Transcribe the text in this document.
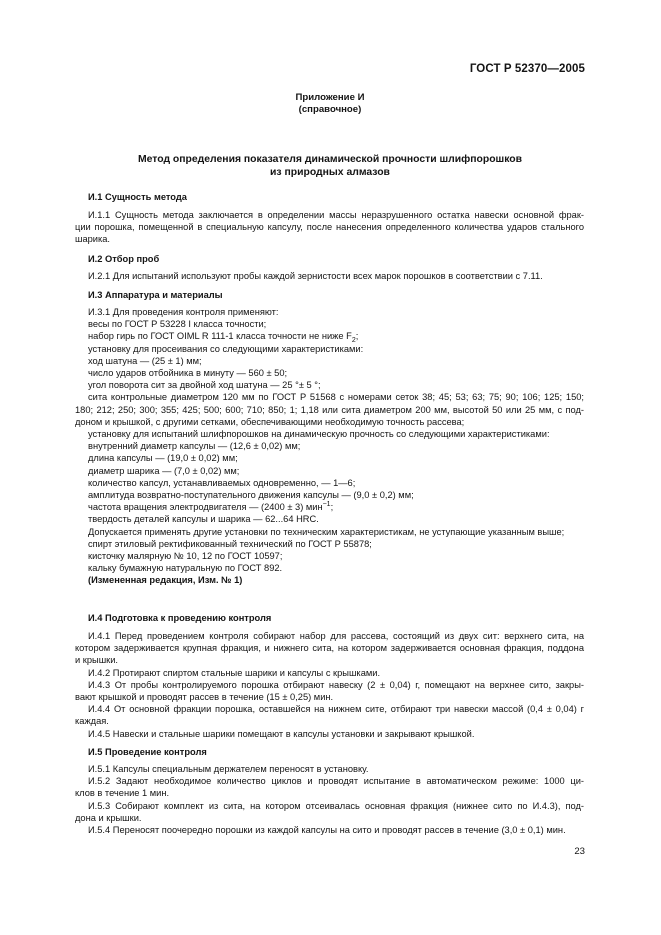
ГОСТ Р 52370—2005
Приложение И
(справочное)
Метод определения показателя динамической прочности шлифпорошков
из природных алмазов

И.1 Сущность метода

И.1.1 Сущность метода заключается в определении массы неразрушенного остатка навески основной фрак-

ции порошка, помещенной в специальную капсулу, после нанесения определенного количества ударов стального

шарика.

И.2 Отбор проб

И.2.1 Для испытаний используют пробы каждой зернистости всех марок порошков в соответствии с 7.11.

И.3 Аппаратура и материалы

И.3.1 Для проведения контроля применяют:

весы по ГОСТ Р 53228 I класса точности;

набор гирь по ГОСТ OIML R 111-1 класса точности не ниже $F_2$;

установку для просеивания со следующими характеристиками:

ход шатуна — (25 ± 1) мм;

число ударов отбойника в минуту — 560 ± 50;

угол поворота сит за двойной ход шатуна — 25 °± 5 °;

сита контрольные диаметром 120 мм по ГОСТ Р 51568 с номерами сеток 38; 45; 53; 63; 75; 90; 106; 125; 150;

180; 212; 250; 300; 355; 425; 500; 600; 710; 850; 1; 1,18 или сита диаметром 200 мм, высотой 50 или 25 мм, с под-

доном и крышкой, с другими сетками, обеспечивающими необходимую точность рассева;

установку для испытаний шлифпорошков на динамическую прочность со следующими характеристиками:

внутренний диаметр капсулы — (12,6 ± 0,02) мм;

длина капсулы — (19,0 ± 0,02) мм;

диаметр шарика — (7,0 ± 0,02) мм;

количество капсул, устанавливаемых одновременно, — 1—6;

амплитуда возвратно-поступательного движения капсулы — (9,0 ± 0,2) мм;

частота вращения электродвигателя — (2400 ± 3) мин$^{-1}$;

твердость деталей капсулы и шарика — 62...64 HRC.

Допускается применять другие установки по техническим характеристикам, не уступающие указанным выше;

спирт этиловый ректификованный технический по ГОСТ Р 55878;

кисточку малярную № 10, 12 по ГОСТ 10597;

кальку бумажную натуральную по ГОСТ 892.

(Измененная редакция, Изм. № 1)

И.4 Подготовка к проведению контроля

И.4.1 Перед проведением контроля собирают набор для рассева, состоящий из двух сит: верхнего сита, на

котором задерживается крупная фракция, и нижнего сита, на котором задерживается основная фракция, поддона

и крышки.

И.4.2 Протирают спиртом стальные шарики и капсулы с крышками.

И.4.3 От пробы контролируемого порошка отбирают навеску (2 ± 0,04) г, помещают на верхнее сито, закры-

вают крышкой и проводят рассев в течение (15 ± 0,25) мин.

И.4.4 От основной фракции порошка, оставшейся на нижнем сите, отбирают три навески массой (0,4 ± 0,04) г

каждая.

И.4.5 Навески и стальные шарики помещают в капсулы установки и закрывают крышкой.

И.5 Проведение контроля

И.5.1 Капсулы специальным держателем переносят в установку.

И.5.2 Задают необходимое количество циклов и проводят испытание в автоматическом режиме: 1000 ци-

клов в течение 1 мин.

И.5.3 Собирают комплект из сита, на котором отсеивалась основная фракция (нижнее сито по И.4.3), под-

дона и крышки.

И.5.4 Переносят поочередно порошки из каждой капсулы на сито и проводят рассев в течение (3,0 ± 0,1) мин.

23
